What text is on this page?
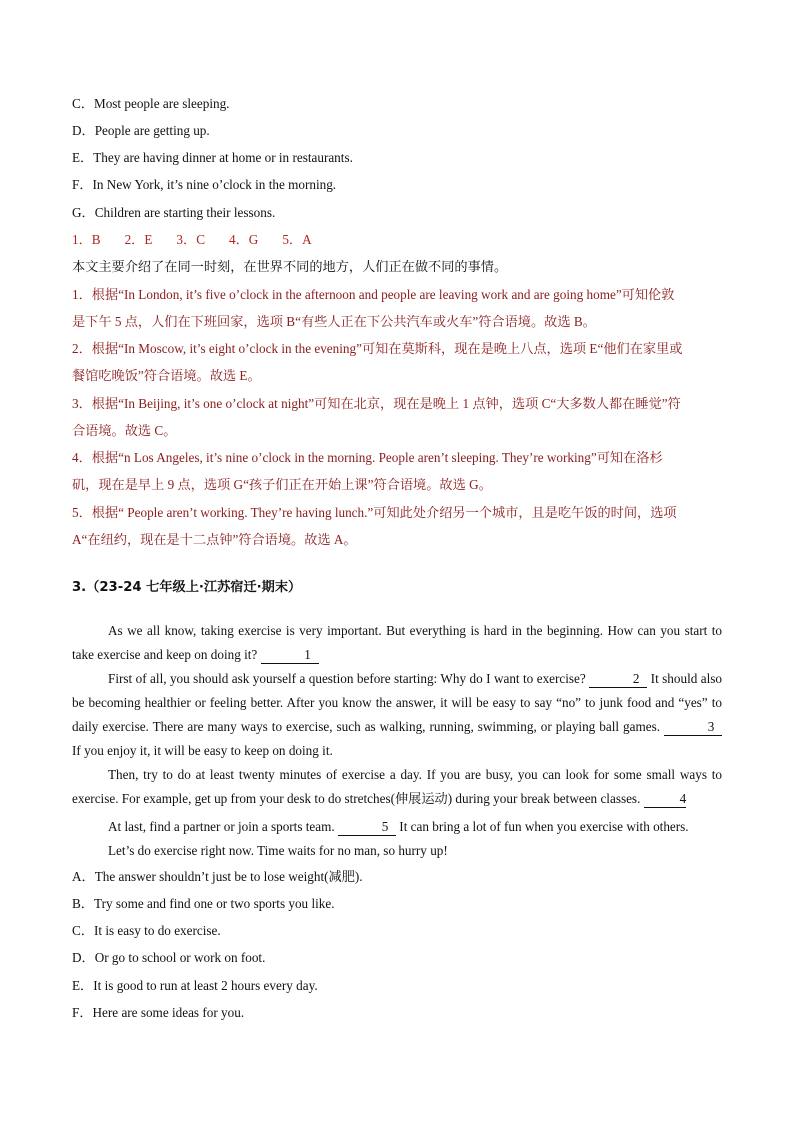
C．Most people are sleeping.
D．People are getting up.
E．They are having dinner at home or in restaurants.
F．In New York, it’s nine o’clock in the morning.
G．Children are starting their lessons.
1．B 2．E 3．C 4．G 5．A
本文主要介绍了在同一时刻，在世界不同的地方，人们正在做不同的事情。
1．根据“In London, it’s five o’clock in the afternoon and people are leaving work and are going home”可知伦敦
是下午 5 点，人们在下班回家，选项 B“有些人正在下公共汽车或火车”符合语境。故选 B。
2．根据“In Moscow, it’s eight o’clock in the evening”可知在莫斯科，现在是晚上八点，选项 E“他们在家里或
餐馆吃晚饭”符合语境。故选 E。
3．根据“In Beijing, it’s one o’clock at night”可知在北京，现在是晚上 1 点钟，选项 C“大多数人都在睡觉”符
合语境。故选 C。
4．根据“n Los Angeles, it’s nine o’clock in the morning. People aren’t sleeping. They’re working”可知在洛杉
矶，现在是早上 9 点，选项 G“孩子们正在开始上课”符合语境。故选 G。
5．根据“ People aren’t working. They’re having lunch.”可知此处介绍另一个城市，且是吃午饭的时间，选项
A“在纽约，现在是十二点钟”符合语境。故选 A。
3.（23-24 七年级上·江苏宿迁·期末）
As we all know, taking exercise is very important. But everything is hard in the beginning. How can you start to take exercise and keep on doing it?	1
First of all, you should ask yourself a question before starting: Why do I want to exercise?	2 It should also be becoming healthier or feeling better. After you know the answer, it will be easy to say “no” to junk food and “yes” to daily exercise. There are many ways to exercise, such as walking, running, swimming, or playing ball games.	3 If you enjoy it, it will be easy to keep on doing it.
Then, try to do at least twenty minutes of exercise a day. If you are busy, you can look for some small ways to exercise. For example, get up from your desk to do stretches(伸展运动) during your break between classes.	4
At last, find a partner or join a sports team.	5 It can bring a lot of fun when you exercise with others.
Let’s do exercise right now. Time waits for no man, so hurry up!
A．The answer shouldn’t just be to lose weight(减肥).
B．Try some and find one or two sports you like.
C．It is easy to do exercise.
D．Or go to school or work on foot.
E．It is good to run at least 2 hours every day.
F．Here are some ideas for you.
